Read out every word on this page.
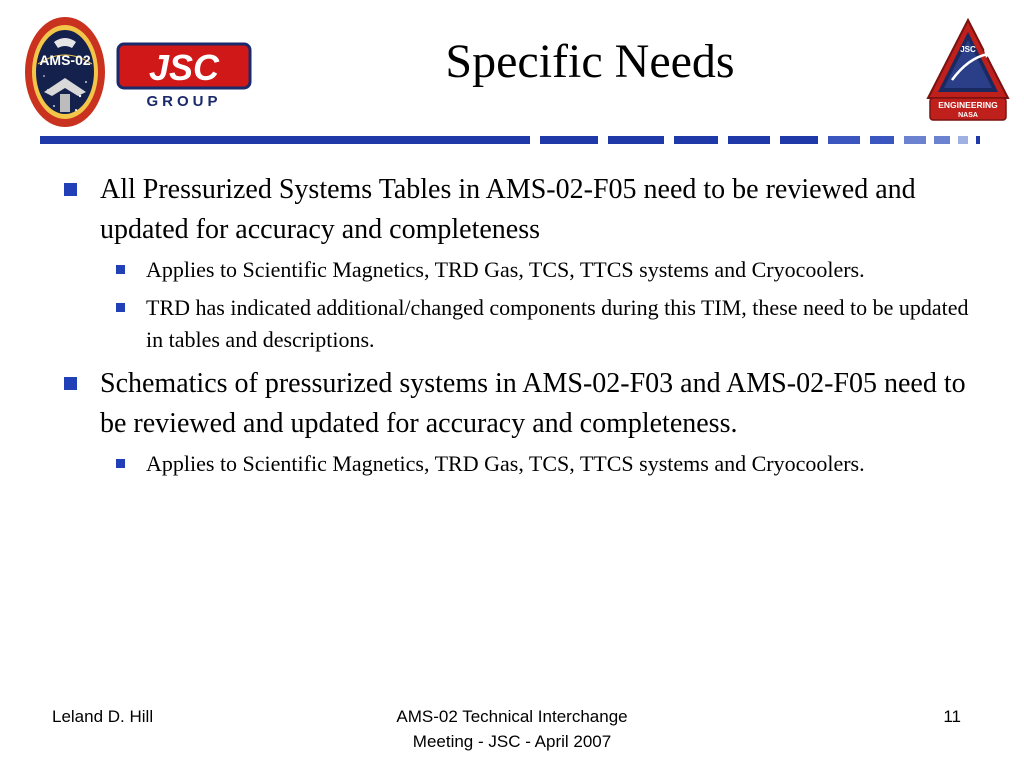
AMS-02 JSC
GROUP
Specific Needs	JSC
ENGINEERING
NASA
All Pressurized Systems Tables in AMS-02-F05 need to be reviewed and updated for accuracy and completeness
Applies to Scientific Magnetics, TRD Gas, TCS, TTCS systems and Cryocoolers.
TRD has indicated additional/changed components during this TIM, these need to be updated in tables and descriptions.
Schematics of pressurized systems in AMS-02-F03 and AMS-02-F05 need to be reviewed and updated for accuracy and completeness.
Applies to Scientific Magnetics, TRD Gas, TCS, TTCS systems and Cryocoolers.
Leland D. Hill	AMS-02 Technical Interchange
Meeting - JSC - April 2007
11
